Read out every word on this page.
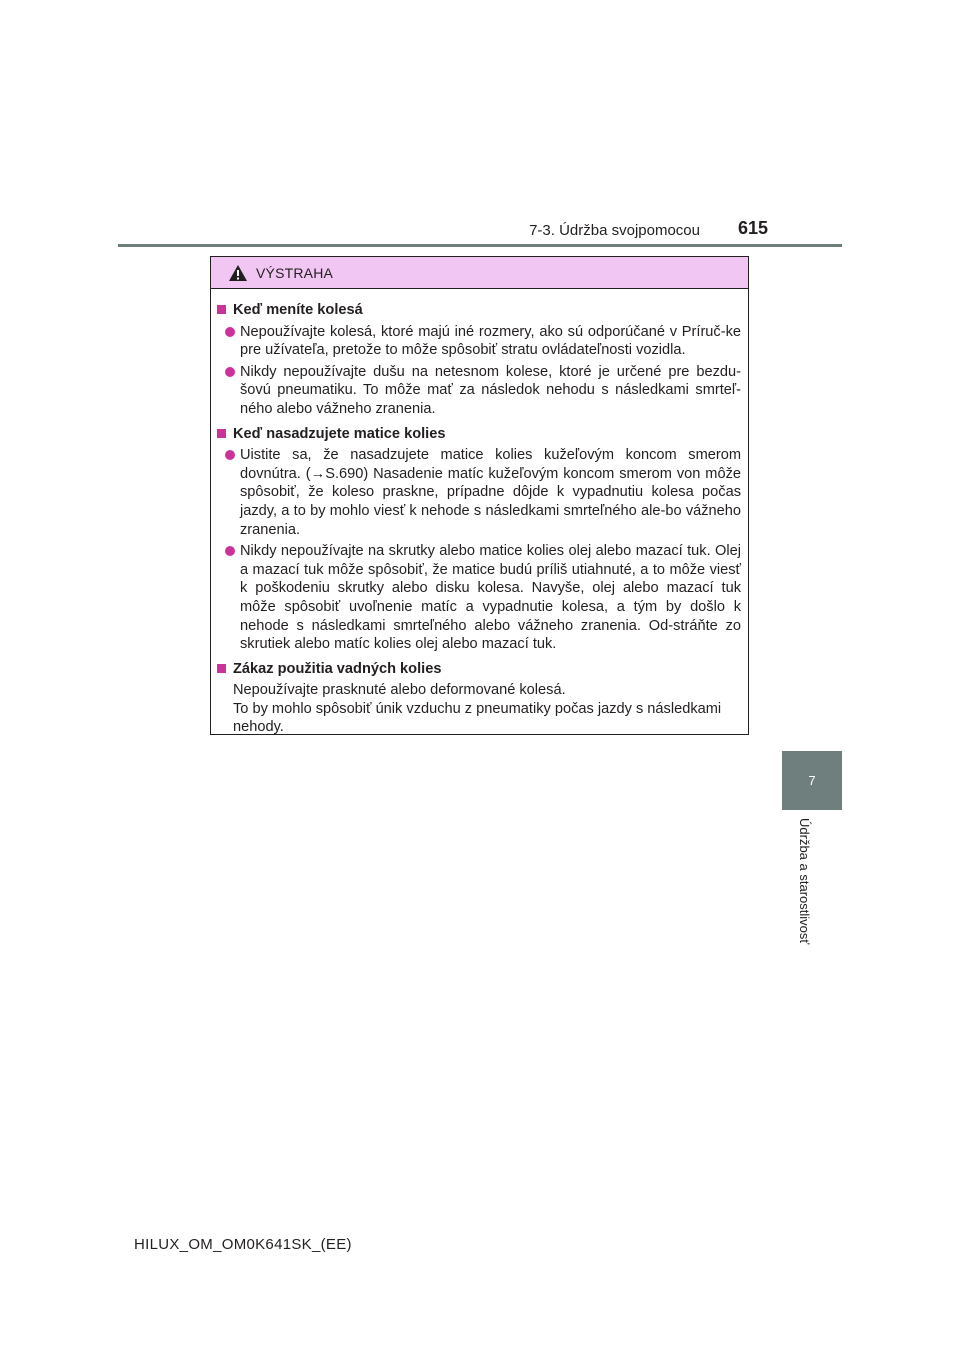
7-3. Údržba svojpomocou 615
7
Údržba a starostlivosť
VÝSTRAHA
Keď meníte kolesá
Nepoužívajte kolesá, ktoré majú iné rozmery, ako sú odporúčané v Príruč-ke pre užívateľa, pretože to môže spôsobiť stratu ovládateľnosti vozidla.
Nikdy nepoužívajte dušu na netesnom kolese, ktoré je určené pre bezdu-šovú pneumatiku. To môže mať za následok nehodu s následkami smrteľ-ného alebo vážneho zranenia.
Keď nasadzujete matice kolies
Uistite sa, že nasadzujete matice kolies kužeľovým koncom smerom dovnútra. (→S.690) Nasadenie matíc kužeľovým koncom smerom von môže spôsobiť, že koleso praskne, prípadne dôjde k vypadnutiu kolesa počas jazdy, a to by mohlo viesť k nehode s následkami smrteľného ale-bo vážneho zranenia.
Nikdy nepoužívajte na skrutky alebo matice kolies olej alebo mazací tuk. Olej a mazací tuk môže spôsobiť, že matice budú príliš utiahnuté, a to môže viesť k poškodeniu skrutky alebo disku kolesa. Navyše, olej alebo mazací tuk môže spôsobiť uvoľnenie matíc a vypadnutie kolesa, a tým by došlo k nehode s následkami smrteľného alebo vážneho zranenia. Od-stráňte zo skrutiek alebo matíc kolies olej alebo mazací tuk.
Zákaz použitia vadných kolies
Nepoužívajte prasknuté alebo deformované kolesá.
To by mohlo spôsobiť únik vzduchu z pneumatiky počas jazdy s následkami nehody.
HILUX_OM_OM0K641SK_(EE)
